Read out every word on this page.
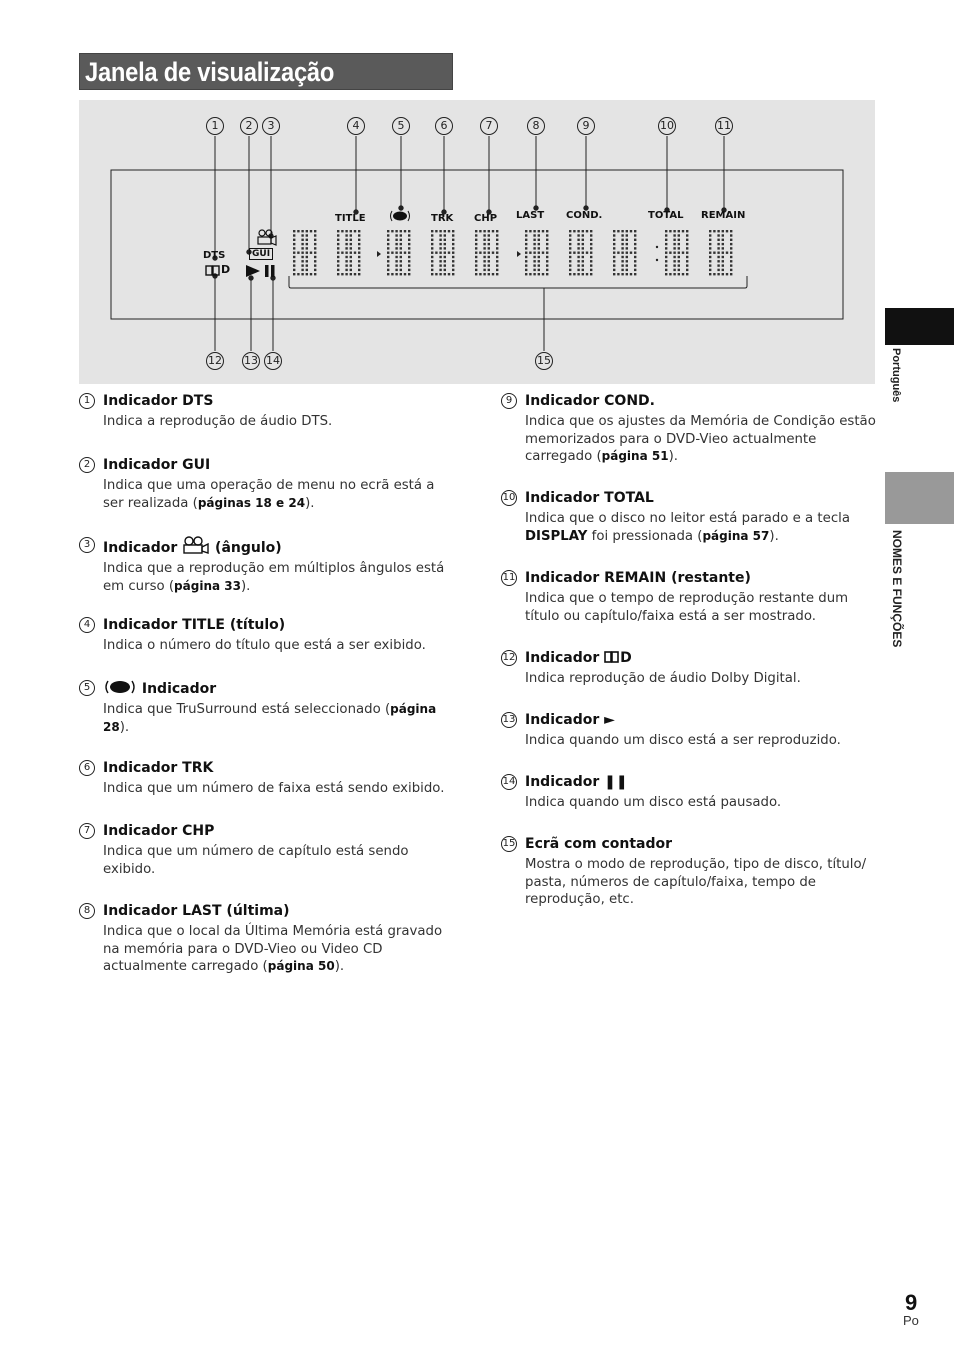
Janela de visualização
DTS	GUI
D
TITLE	TRK CHP LAST COND.	TOTAL REMAIN
1	2	3	4	5	6	7	8	9	10	11
12 13 14	15
1 Indicador DTS
Indica a reprodução de áudio DTS.
2 Indicador GUI
Indica que uma operação de menu no ecrã está a ser realizada (páginas 18 e 24).
3 Indicador  (ângulo)
Indica que a reprodução em múltiplos ângulos está em curso (página 33).
4 Indicador TITLE (título)
Indica o número do título que está a ser exibido.
5	Indicador
Indica que TruSurround está seleccionado (página 28).
6 Indicador TRK
Indica que um número de faixa está sendo exibido.
7 Indicador CHP
Indica que um número de capítulo está sendo exibido.
8 Indicador LAST (última)
Indica que o local da Última Memória está gravado na memória para o DVD-Vieo ou Video CD actualmente carregado (página 50).
9 Indicador COND.
Indica que os ajustes da Memória de Condição estão memorizados para o DVD-Vieo actualmente carregado (página 51).
10 Indicador TOTAL
Indica que o disco no leitor está parado e a tecla DISPLAY foi pressionada (página 57).
11 Indicador REMAIN (restante)
Indica que o tempo de reprodução restante dum título ou capítulo/faixa está a ser mostrado.
12 Indicador D
Indica reprodução de áudio Dolby Digital.
13 Indicador ►
Indica quando um disco está a ser reproduzido.
14 Indicador ❚❚
Indica quando um disco está pausado.
15 Ecrã com contador
Mostra o modo de reprodução, tipo de disco, título/ pasta, números de capítulo/faixa, tempo de reprodução, etc.
Português
NOMES E FUNÇÕES
9
Po
